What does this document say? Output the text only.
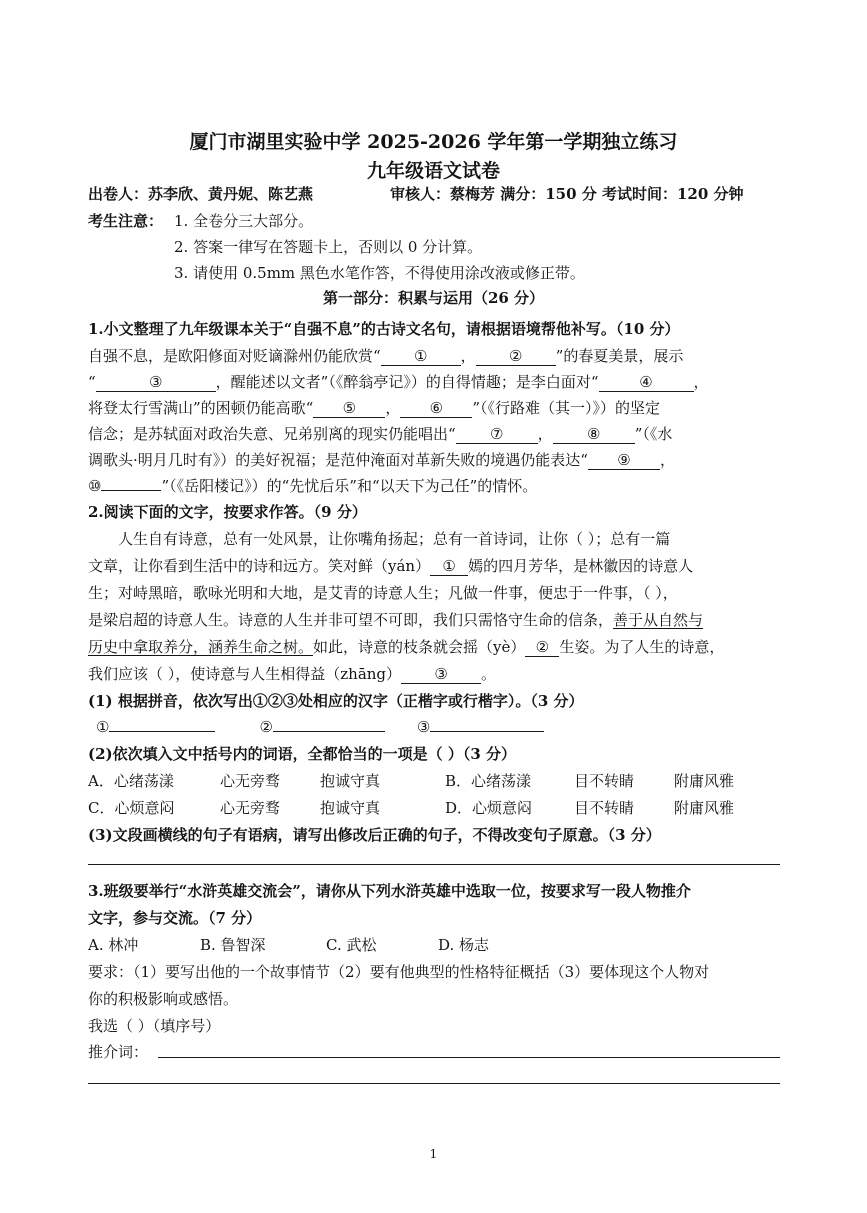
厦门市湖里实验中学 2025-2026 学年第一学期独立练习
九年级语文试卷
出卷人：苏李欣、黄丹妮、陈艺燕	审核人：蔡梅芳 满分：150 分 考试时间：120 分钟
考生注意： 1. 全卷分三大部分。
2. 答案一律写在答题卡上，否则以 0 分计算。
3. 请使用 0.5mm 黑色水笔作答，不得使用涂改液或修正带。
第一部分：积累与运用（26 分）
1.小文整理了九年级课本关于“自强不息”的古诗文名句，请根据语境帮他补写。（10 分）
自强不息，是欧阳修面对贬谪滁州仍能欣赏“ ① ， ② ”的春夏美景，展示
“	③	，醒能述以文者”（《醉翁亭记》）的自得情趣；是李白面对“	④	，
将登太行雪满山”的困顿仍能高歌“ ⑤ ， ⑥ ”（《行路难（其一）》）的坚定
信念；是苏轼面对政治失意、兄弟别离的现实仍能唱出“ ⑦ ， ⑧ ”（《水
调歌头·明月几时有》）的美好祝福；是范仲淹面对革新失败的境遇仍能表达“ ⑨ ，
⑩	”（《岳阳楼记》）的“先忧后乐”和“以天下为己任”的情怀。
2.阅读下面的文字，按要求作答。（9 分）
人生自有诗意，总有一处风景，让你嘴角扬起；总有一首诗词，让你（ ）；总有一篇
文章，让你看到生活中的诗和远方。笑对鲜（yán） ① 嫣的四月芳华，是林徽因的诗意人
生；对峙黑暗，歌咏光明和大地，是艾青的诗意人生；凡做一件事，便忠于一件事，（ ），
是梁启超的诗意人生。诗意的人生并非可望不可即，我们只需恪守生命的信条，善于从自然与
历史中拿取养分，涵养生命之树。如此，诗意的枝条就会摇（yè） ② 生姿。为了人生的诗意，
我们应该（ ），使诗意与人生相得益（zhāng） ③ 。
(1) 根据拼音，依次写出①②③处相应的汉字（正楷字或行楷字）。（3 分）
①	②	③
(2)依次填入文中括号内的词语，全都恰当的一项是（ ）（3 分）
A．心绪荡漾	心无旁骛	抱诚守真	B．心绪荡漾	目不转睛	附庸风雅
C．心烦意闷	心无旁骛	抱诚守真	D．心烦意闷	目不转睛	附庸风雅
(3)文段画横线的句子有语病，请写出修改后正确的句子，不得改变句子原意。（3 分）
3.班级要举行“水浒英雄交流会”，请你从下列水浒英雄中选取一位，按要求写一段人物推介
文字，参与交流。（7 分）
A. 林冲	B. 鲁智深	C. 武松	D. 杨志
要求：（1）要写出他的一个故事情节（2）要有他典型的性格特征概括（3）要体现这个人物对
你的积极影响或感悟。
我选（ ）（填序号）
推介词：
1
